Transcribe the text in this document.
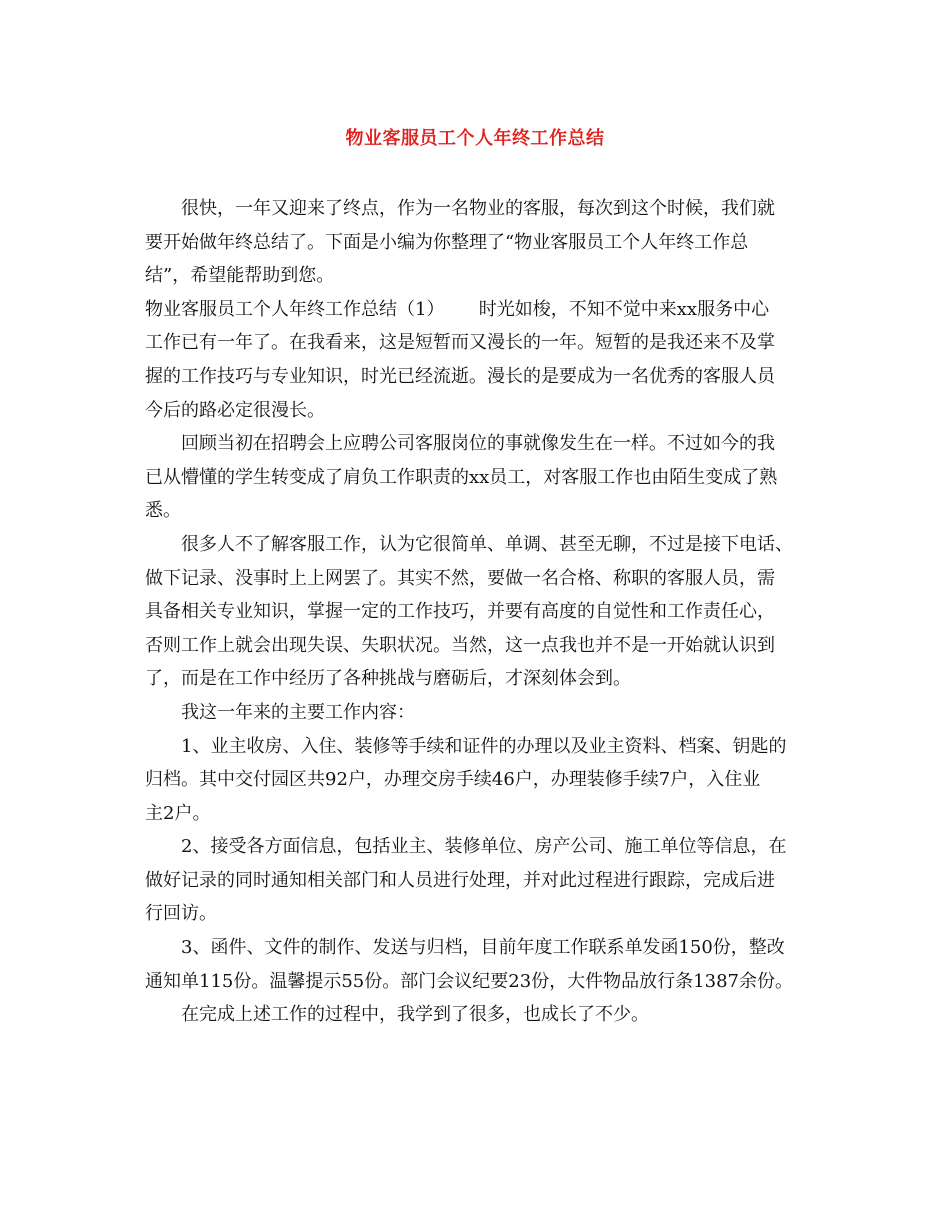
物业客服员工个人年终工作总结

很快，一年又迎来了终点，作为一名物业的客服，每次到这个时候，我们就

要开始做年终总结了。下面是小编为你整理了“物业客服员工个人年终工作总

结”，希望能帮助到您。

物业客服员工个人年终工作总结（1）      时光如梭，不知不觉中来xx服务中心

工作已有一年了。在我看来，这是短暂而又漫长的一年。短暂的是我还来不及掌

握的工作技巧与专业知识，时光已经流逝。漫长的是要成为一名优秀的客服人员

今后的路必定很漫长。

回顾当初在招聘会上应聘公司客服岗位的事就像发生在一样。不过如今的我

已从懵懂的学生转变成了肩负工作职责的xx员工，对客服工作也由陌生变成了熟

悉。

很多人不了解客服工作，认为它很简单、单调、甚至无聊，不过是接下电话、

做下记录、没事时上上网罢了。其实不然，要做一名合格、称职的客服人员，需

具备相关专业知识，掌握一定的工作技巧，并要有高度的自觉性和工作责任心，

否则工作上就会出现失误、失职状况。当然，这一点我也并不是一开始就认识到

了，而是在工作中经历了各种挑战与磨砺后，才深刻体会到。

我这一年来的主要工作内容：

1、业主收房、入住、装修等手续和证件的办理以及业主资料、档案、钥匙的

归档。其中交付园区共92户，办理交房手续46户，办理装修手续7户，入住业

主2户。

2、接受各方面信息，包括业主、装修单位、房产公司、施工单位等信息，在

做好记录的同时通知相关部门和人员进行处理，并对此过程进行跟踪，完成后进

行回访。

3、函件、文件的制作、发送与归档，目前年度工作联系单发函150份，整改

通知单115份。温馨提示55份。部门会议纪要23份，大件物品放行条1387余份。

在完成上述工作的过程中，我学到了很多，也成长了不少。
